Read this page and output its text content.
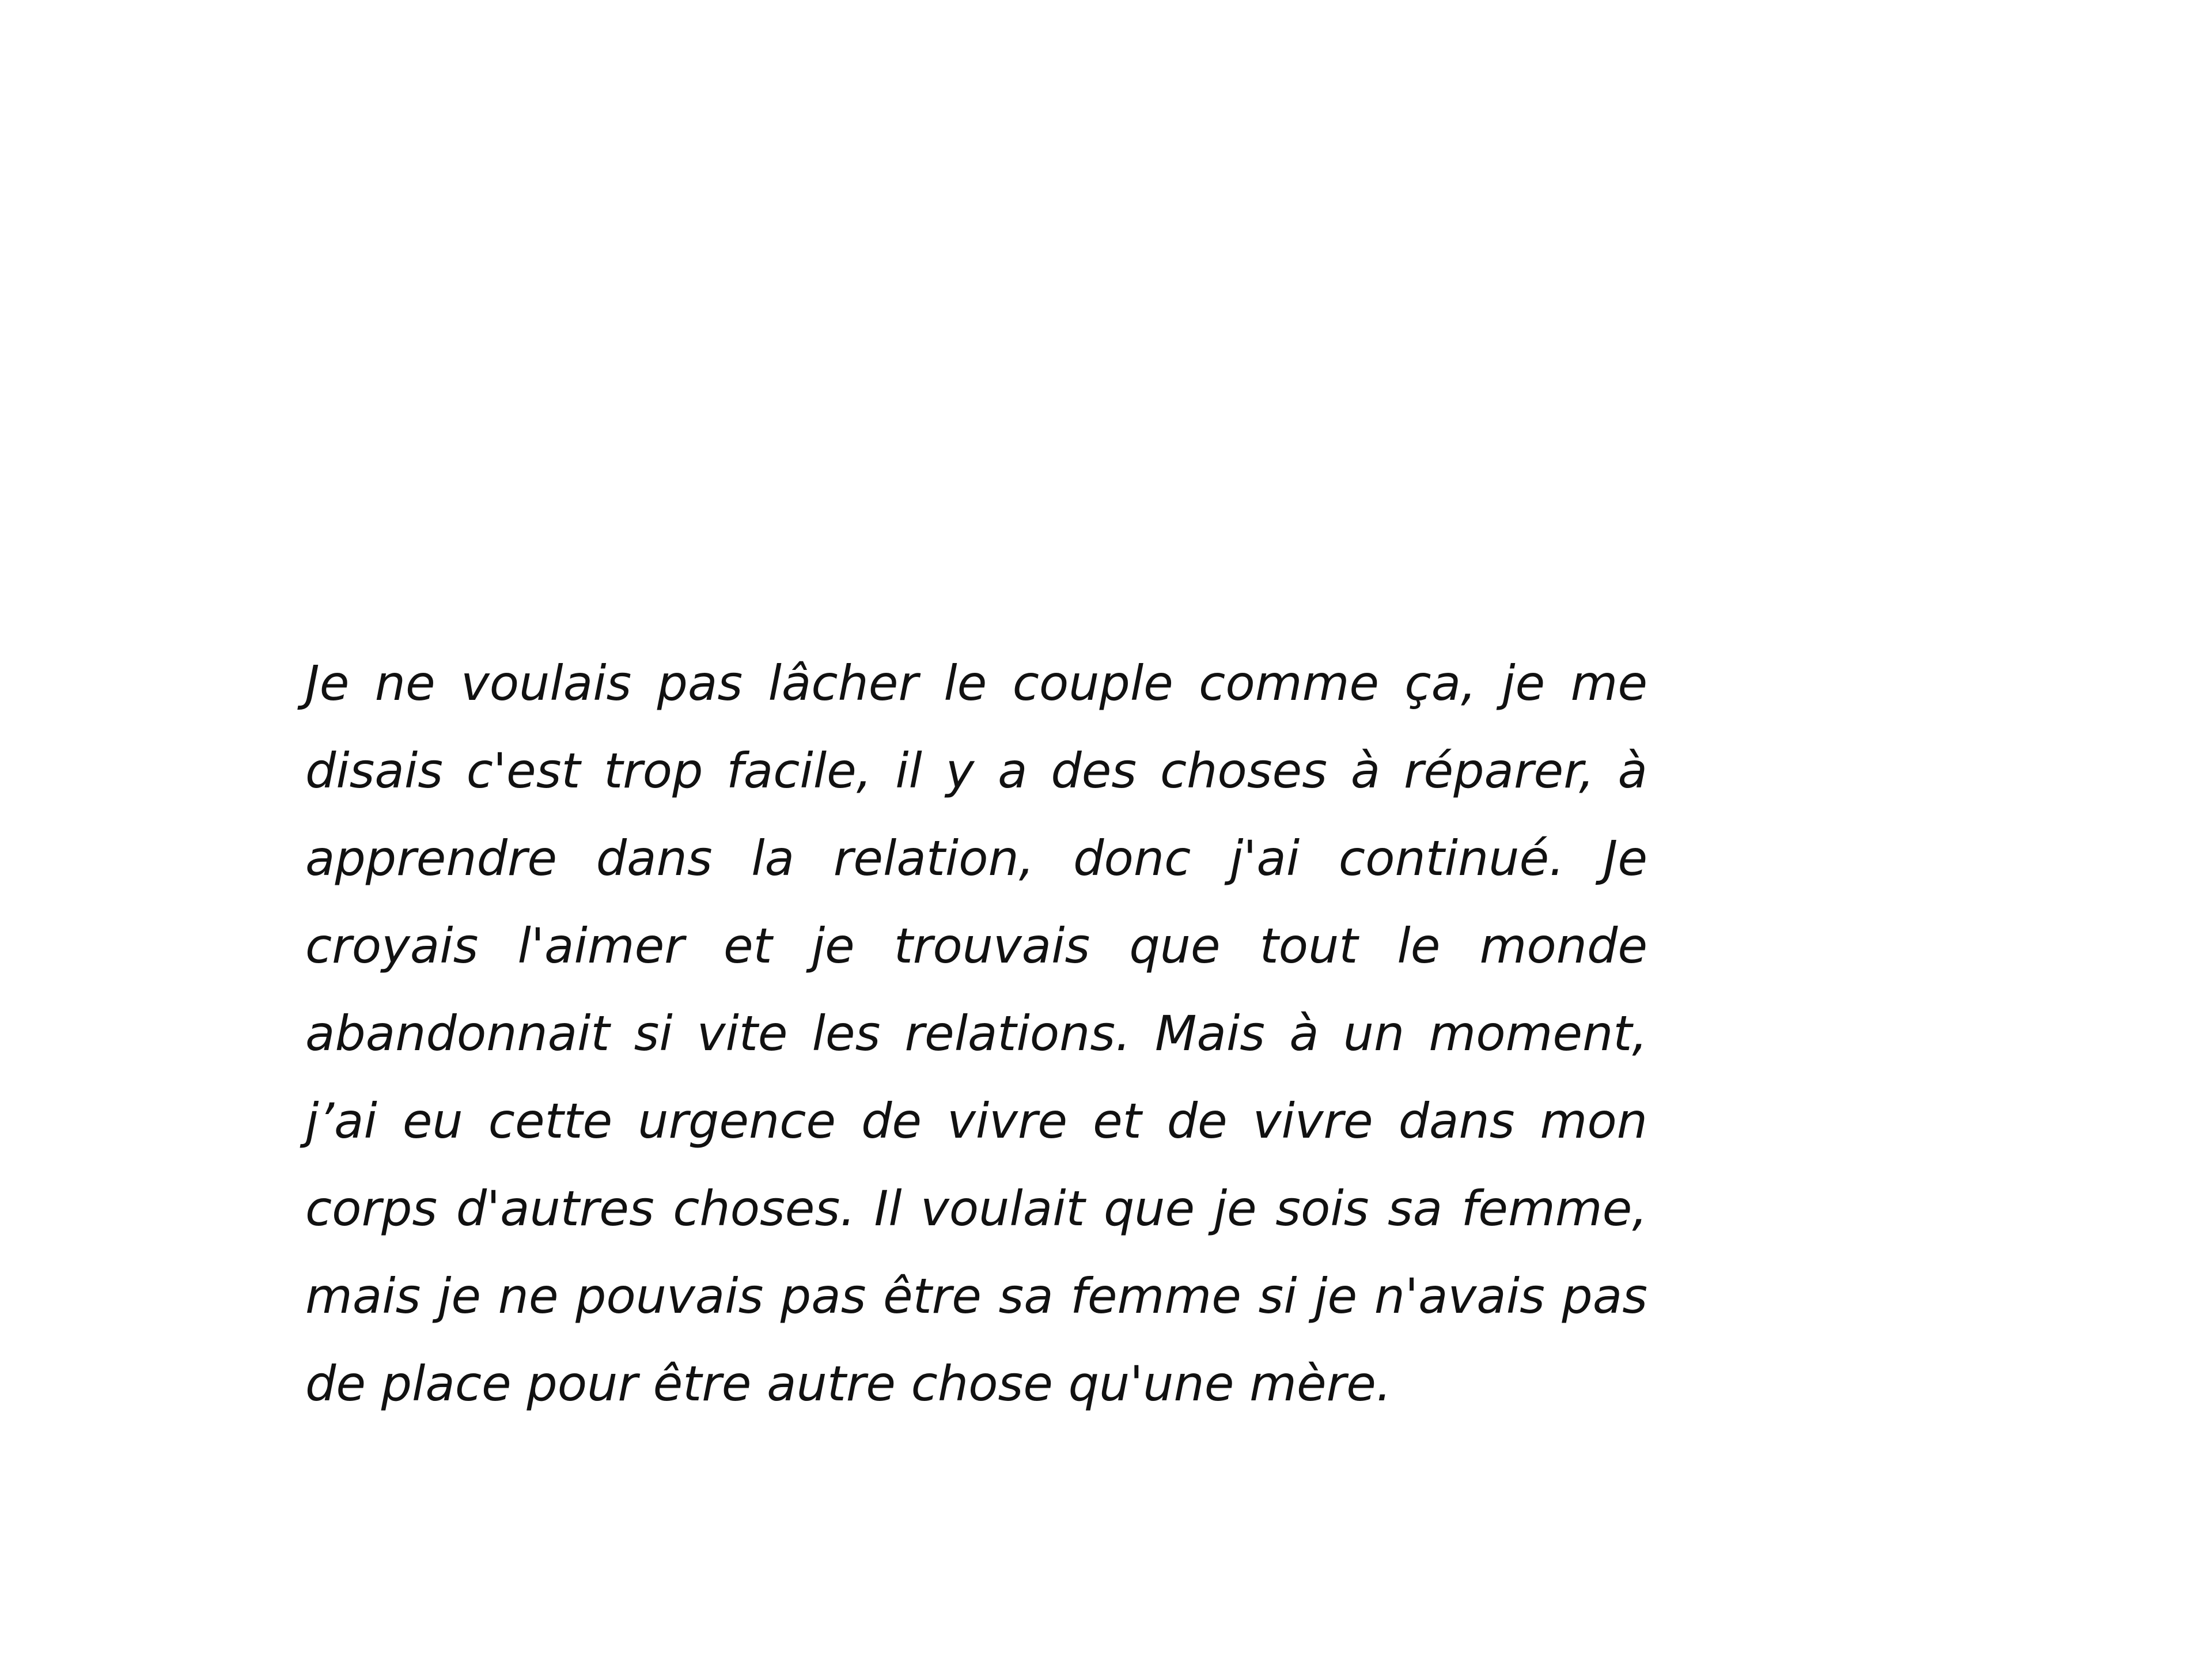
Je ne voulais pas lâcher le couple comme ça, je me
disais c'est trop facile, il y a des choses à réparer, à
apprendre dans la relation, donc j'ai continué. Je
croyais l'aimer et je trouvais que tout le monde
abandonnait si vite les relations. Mais à un moment,
j’ai eu cette urgence de vivre et de vivre dans mon
corps d'autres choses. Il voulait que je sois sa femme,
mais je ne pouvais pas être sa femme si je n'avais pas
de place pour être autre chose qu'une mère.
